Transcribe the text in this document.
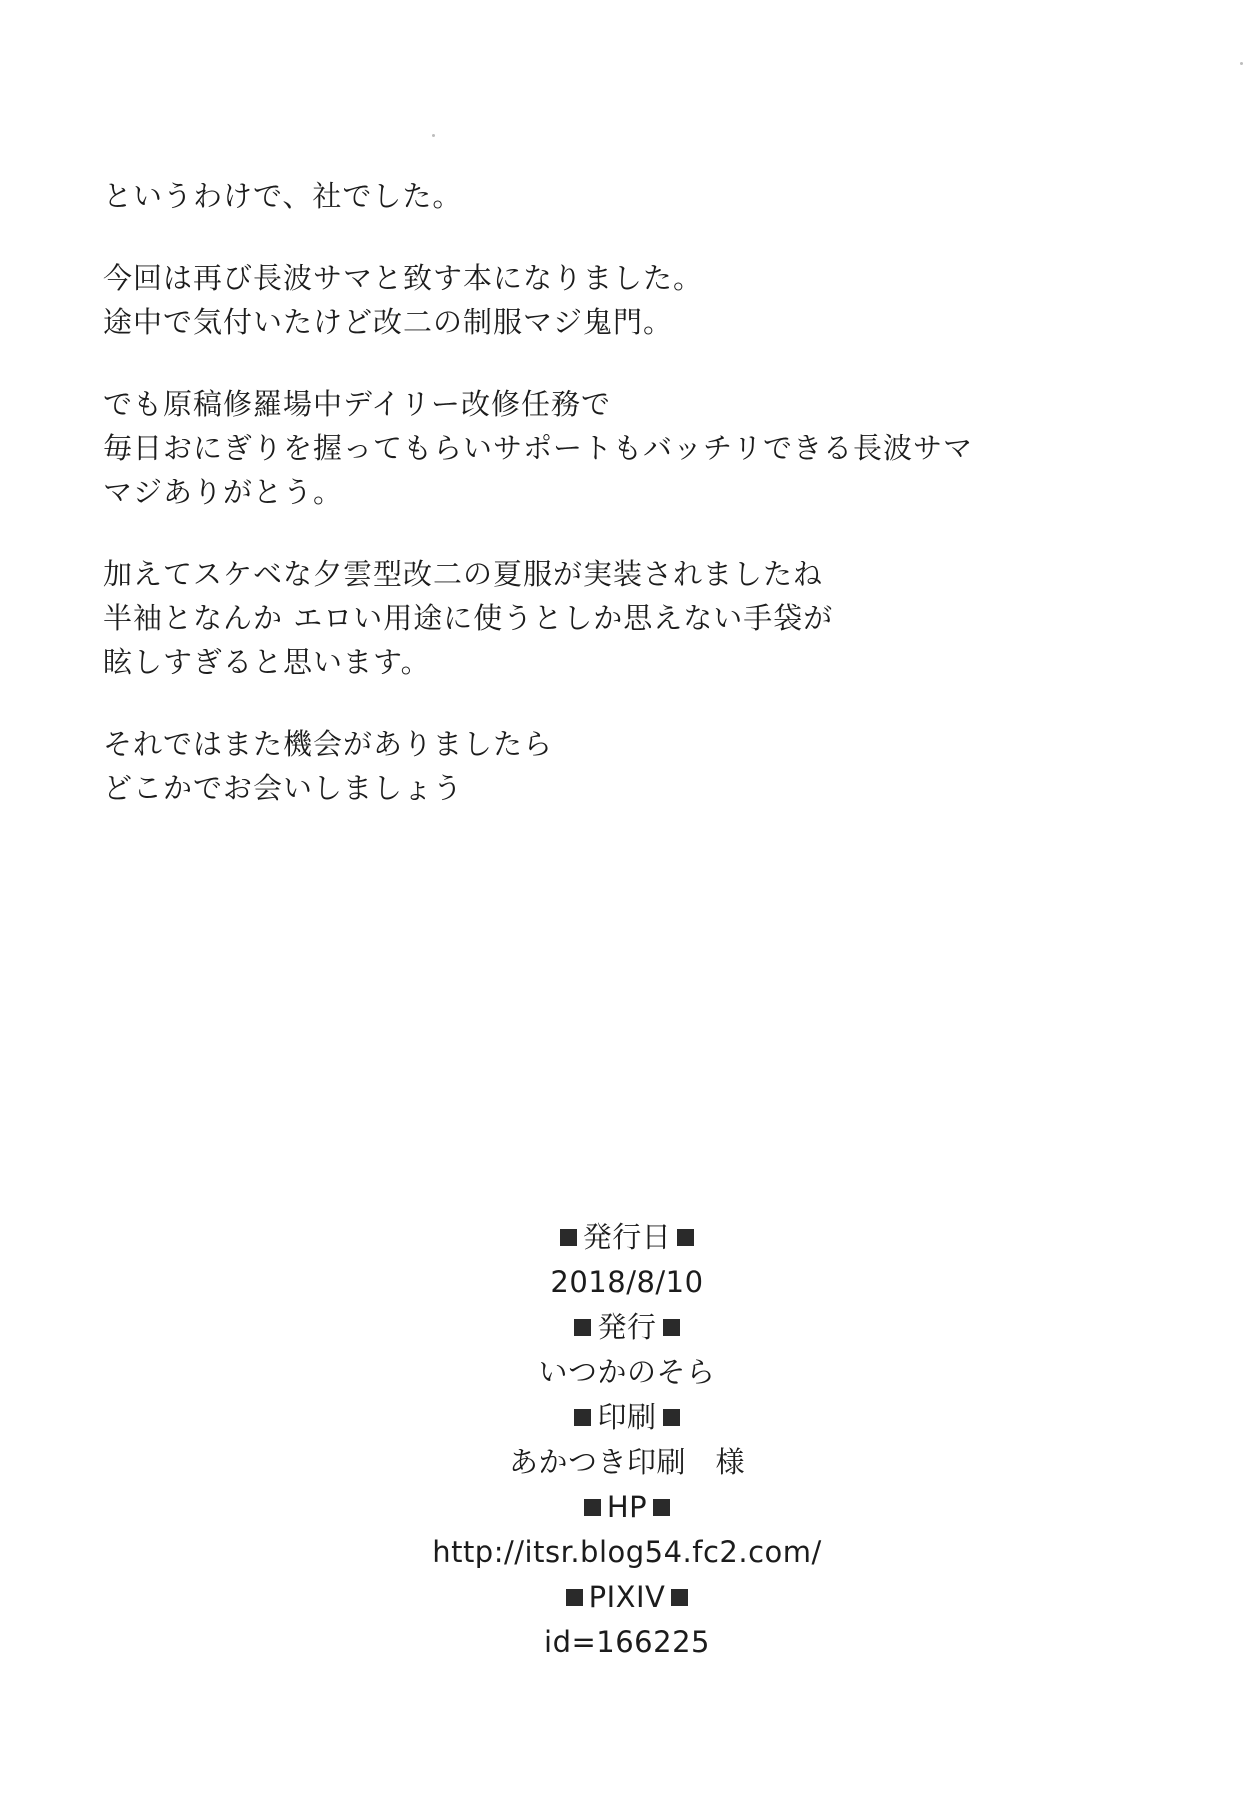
というわけで、社でした。

今回は再び長波サマと致す本になりました。
途中で気付いたけど改二の制服マジ鬼門。

でも原稿修羅場中デイリー改修任務で
毎日おにぎりを握ってもらいサポートもバッチリできる長波サマ
マジありがとう。

加えてスケベな夕雲型改二の夏服が実装されましたね
半袖となんか エロい用途に使うとしか思えない手袋が
眩しすぎると思います。

それではまた機会がありましたら
どこかでお会いしましょう

発行日
2018/8/10
発行
いつかのそら
印刷
あかつき印刷　様
HP
http://itsr.blog54.fc2.com/
PIXIV
id=166225
